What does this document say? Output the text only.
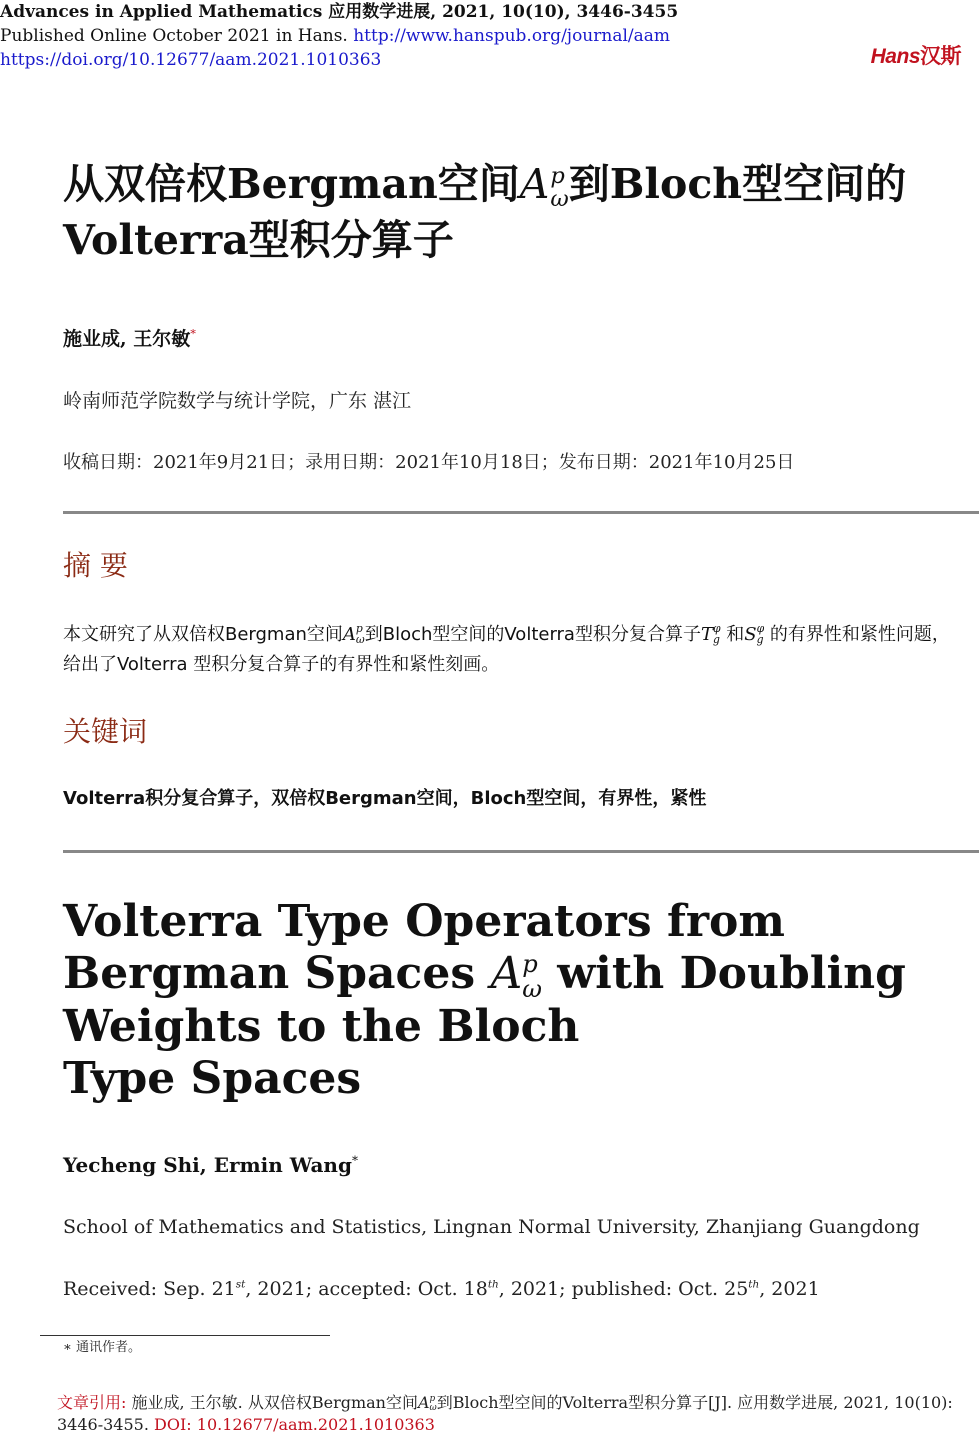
Advances in Applied Mathematics 应用数学进展, 2021, 10(10), 3446-3455
Published Online October 2021 in Hans. http://www.hanspub.org/journal/aam
https://doi.org/10.12677/aam.2021.1010363	Hans汉斯
从双倍权Bergman空间A p
ω 到Bloch型空间的
Volterra型积分算子
施业成, 王尔敏*
岭南师范学院数学与统计学院，广东 湛江
收稿日期：2021年9月21日；录用日期：2021年10月18日；发布日期：2021年10月25日
摘 要
本文研究了从双倍权Bergman空间A p
ω 到Bloch型空间的Volterra型积分复合算子T φ
g 和S φ
g 的有界性和紧性问题，给出了Volterra 型积分复合算子的有界性和紧性刻画。
关键词
Volterra积分复合算子，双倍权Bergman空间，Bloch型空间，有界性，紧性
Volterra Type Operators from
Bergman Spaces A p
ω with Doubling
Weights to the Bloch
Type Spaces
Yecheng Shi, Ermin Wang*
School of Mathematics and Statistics, Lingnan Normal University, Zhanjiang Guangdong
Received: Sep. 21st, 2021; accepted: Oct. 18th, 2021; published: Oct. 25th, 2021
∗ 通讯作者。
文章引用: 施业成, 王尔敏. 从双倍权Bergman空间A p
ω 到Bloch型空间的Volterra型积分算子[J]. 应用数学进展, 2021, 10(10): 3446-3455. DOI: 10.12677/aam.2021.1010363
